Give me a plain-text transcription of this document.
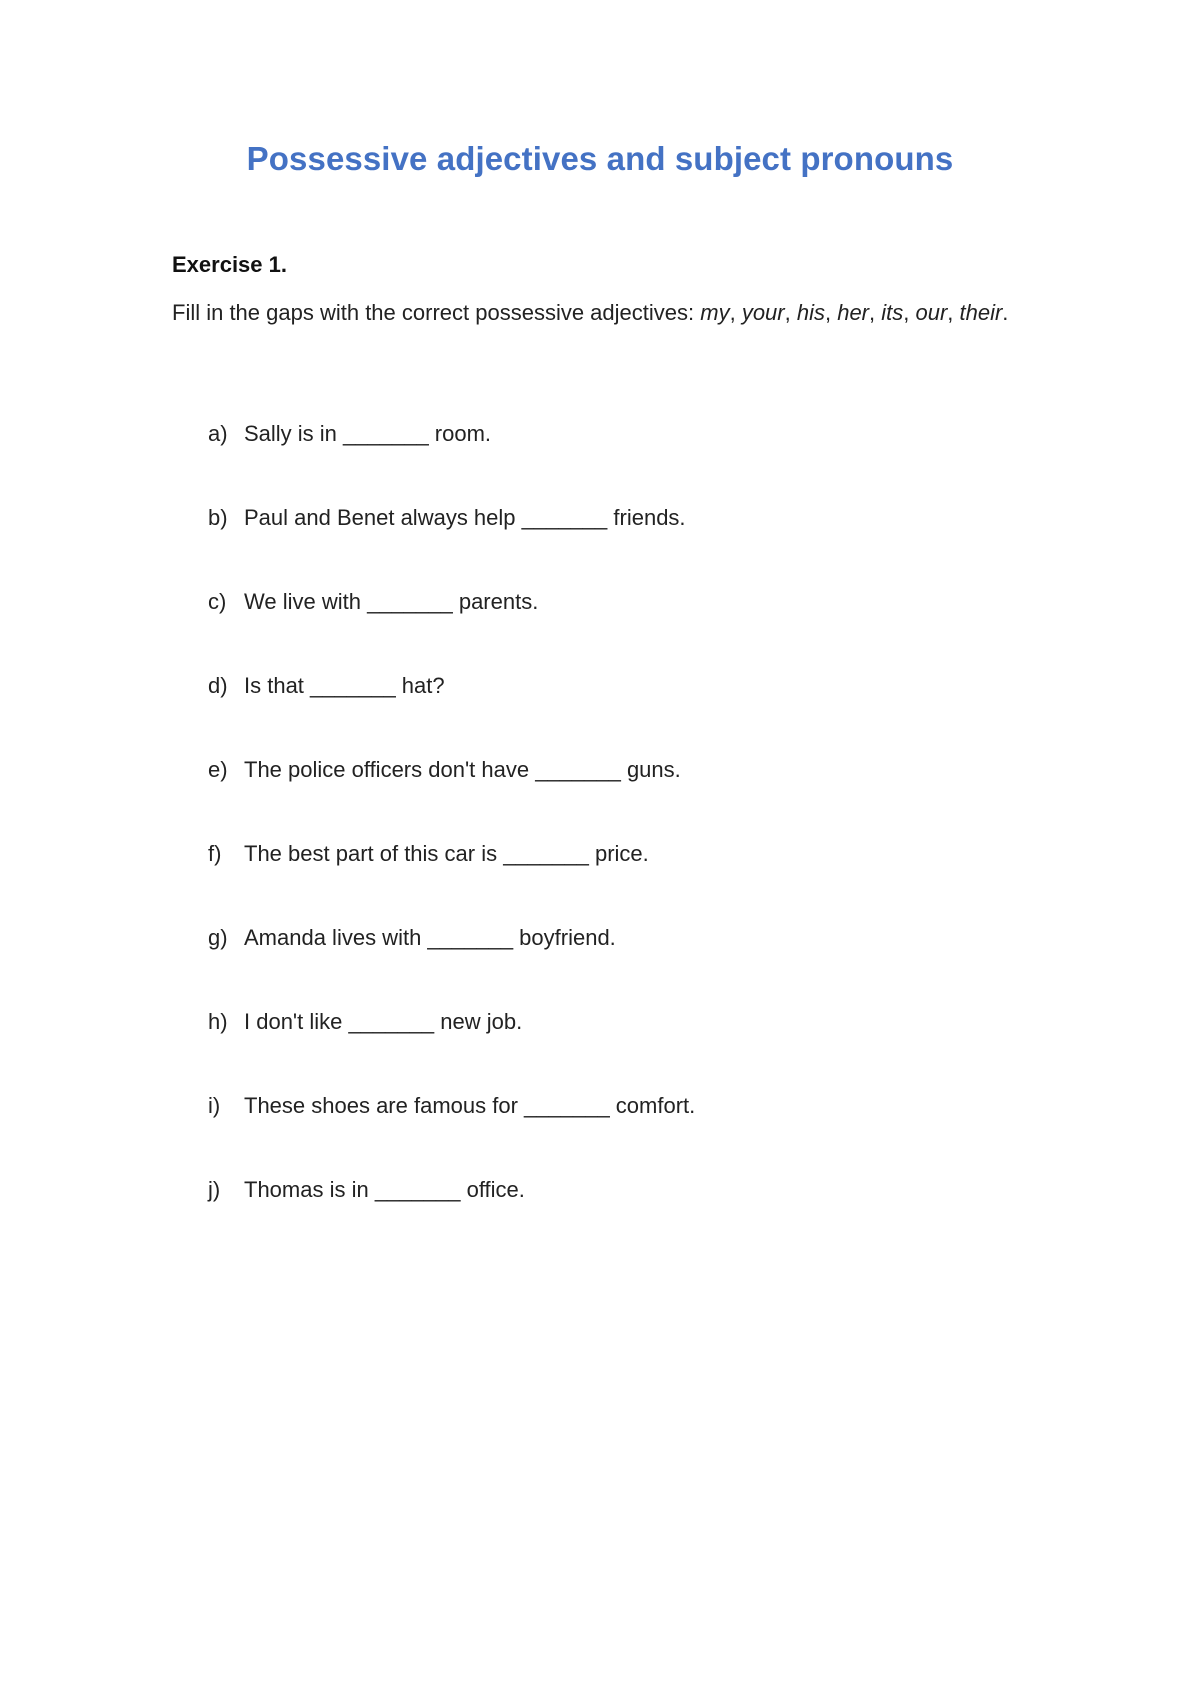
Possessive adjectives and subject pronouns
Exercise 1.

Fill in the gaps with the correct possessive adjectives: my, your, his, her, its, our, their.

a) Sally is in _______ room.
b) Paul and Benet always help _______ friends.
c) We live with _______ parents.
d) Is that _______ hat?
e) The police officers don't have _______ guns.
f) The best part of this car is _______ price.
g) Amanda lives with _______ boyfriend.
h) I don't like _______ new job.
i) These shoes are famous for _______ comfort.
j) Thomas is in _______ office.
